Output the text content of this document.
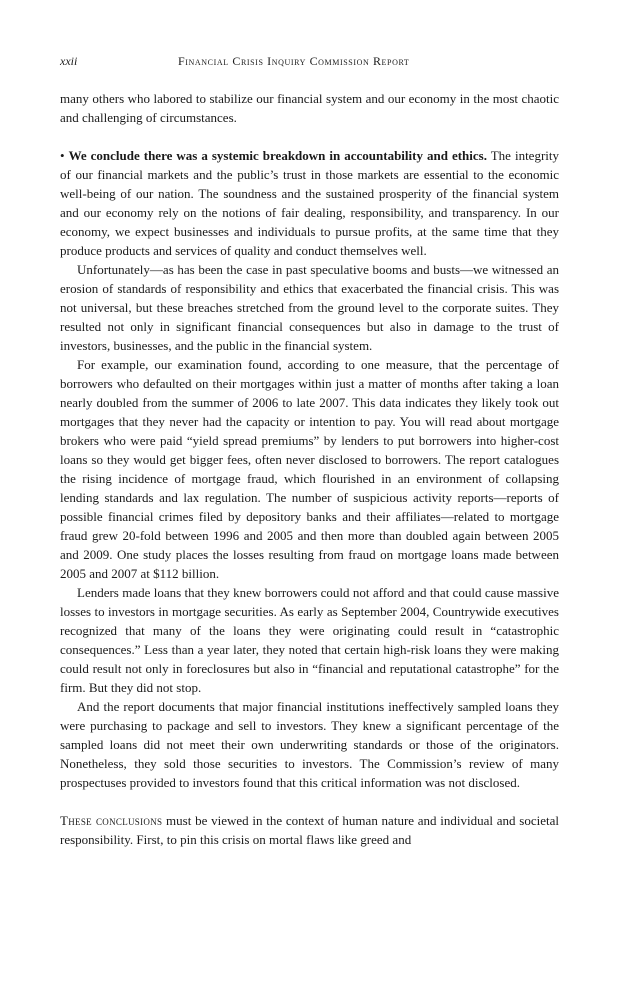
xxii	Financial Crisis Inquiry Commission Report

many others who labored to stabilize our financial system and our economy in the most chaotic and challenging of circumstances.

• We conclude there was a systemic breakdown in accountability and ethics. The integrity of our financial markets and the public’s trust in those markets are essential to the economic well-being of our nation. The soundness and the sustained prosperity of the financial system and our economy rely on the notions of fair dealing, responsibility, and transparency. In our economy, we expect businesses and individuals to pursue profits, at the same time that they produce products and services of quality and conduct themselves well.

Unfortunately—as has been the case in past speculative booms and busts—we witnessed an erosion of standards of responsibility and ethics that exacerbated the financial crisis. This was not universal, but these breaches stretched from the ground level to the corporate suites. They resulted not only in significant financial consequences but also in damage to the trust of investors, businesses, and the public in the financial system.

For example, our examination found, according to one measure, that the percentage of borrowers who defaulted on their mortgages within just a matter of months after taking a loan nearly doubled from the summer of 2006 to late 2007. This data indicates they likely took out mortgages that they never had the capacity or intention to pay. You will read about mortgage brokers who were paid “yield spread premiums” by lenders to put borrowers into higher-cost loans so they would get bigger fees, often never disclosed to borrowers. The report catalogues the rising incidence of mortgage fraud, which flourished in an environment of collapsing lending standards and lax regulation. The number of suspicious activity reports—reports of possible financial crimes filed by depository banks and their affiliates—related to mortgage fraud grew 20-fold between 1996 and 2005 and then more than doubled again between 2005 and 2009. One study places the losses resulting from fraud on mortgage loans made between 2005 and 2007 at $112 billion.

Lenders made loans that they knew borrowers could not afford and that could cause massive losses to investors in mortgage securities. As early as September 2004, Countrywide executives recognized that many of the loans they were originating could result in “catastrophic consequences.” Less than a year later, they noted that certain high-risk loans they were making could result not only in foreclosures but also in “financial and reputational catastrophe” for the firm. But they did not stop.

And the report documents that major financial institutions ineffectively sampled loans they were purchasing to package and sell to investors. They knew a significant percentage of the sampled loans did not meet their own underwriting standards or those of the originators. Nonetheless, they sold those securities to investors. The Commission’s review of many prospectuses provided to investors found that this critical information was not disclosed.

These conclusions must be viewed in the context of human nature and individual and societal responsibility. First, to pin this crisis on mortal flaws like greed and
